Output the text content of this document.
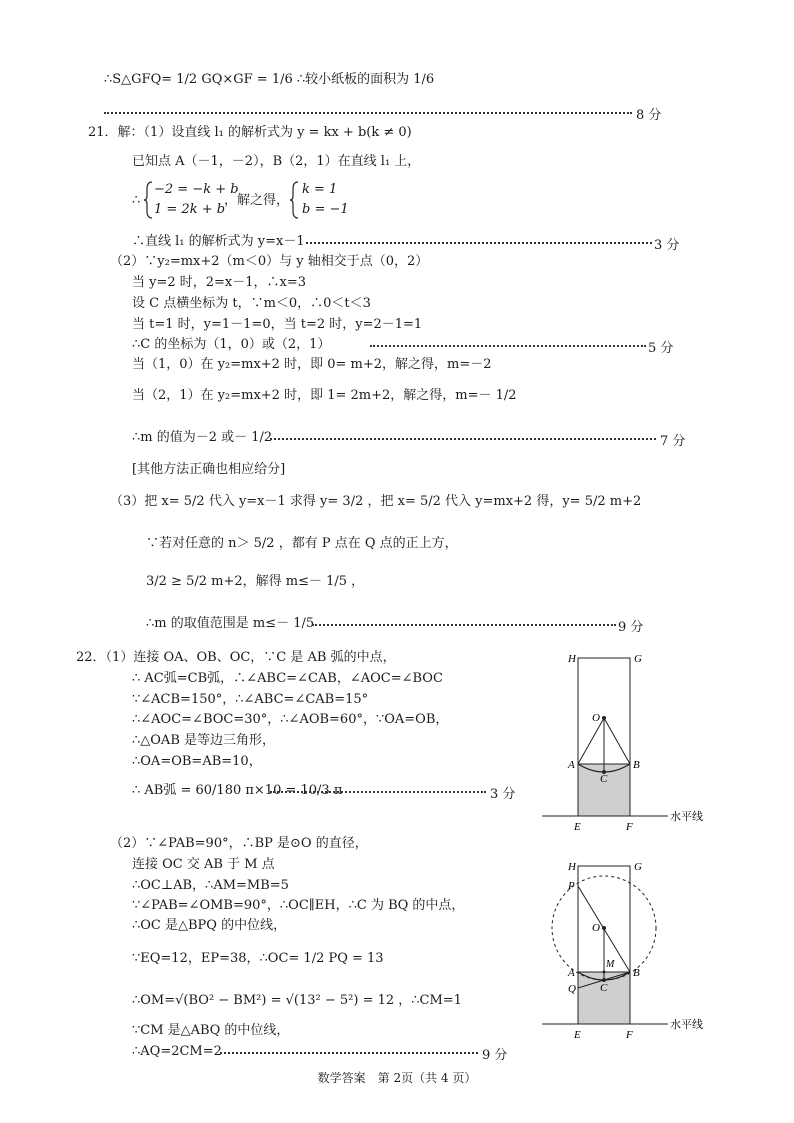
∴S△GFQ= 1/2 GQ×GF = 1/6 ∴较小纸板的面积为 1/6
8 分
21．解：（1）设直线 l₁ 的解析式为 y = kx + b(k ≠ 0)
已知点 A（－1，－2），B（2，1）在直线 l₁ 上，
∴
−2 = −k + b
1 = 2k + b
，解之得，
k = 1
b = −1
∴直线 l₁ 的解析式为 y=x－1	3 分
（2）∵y₂=mx+2（m＜0）与 y 轴相交于点（0，2）
当 y=2 时，2=x－1，∴x=3
设 C 点横坐标为 t，∵m＜0，∴0＜t＜3
当 t=1 时，y=1－1=0，当 t=2 时，y=2－1=1
∴C 的坐标为（1，0）或（2，1）	5 分
当（1，0）在 y₂=mx+2 时，即 0= m+2，解之得，m=－2
当（2，1）在 y₂=mx+2 时，即 1= 2m+2，解之得，m=－ 1/2
∴m 的值为－2 或－ 1/2	7 分
[其他方法正确也相应给分]
（3）把 x= 5/2 代入 y=x－1 求得 y= 3/2 ，把 x= 5/2 代入 y=mx+2 得，y= 5/2 m+2
∵若对任意的 n＞ 5/2 ，都有 P 点在 Q 点的正上方，
3/2 ≥ 5/2 m+2，解得 m≤－ 1/5 ，
∴m 的取值范围是 m≤－ 1/5	9 分
22．（1）连接 OA、OB、OC，∵C 是 AB 弧的中点，
∴ AC弧=CB弧，∴∠ABC=∠CAB，∠AOC=∠BOC
∵∠ACB=150°，∴∠ABC=∠CAB=15°
∴∠AOC=∠BOC=30°，∴∠AOB=60°，∵OA=OB，
∴△OAB 是等边三角形，
∴OA=OB=AB=10，
∴ AB弧 = 60/180 π×10 = 10/3 π	3 分
（2）∵∠PAB=90°，∴BP 是⊙O 的直径，
连接 OC 交 AB 于 M 点
∴OC⊥AB，∴AM=MB=5
∵∠PAB=∠OMB=90°，∴OC∥EH，∴C 为 BQ 的中点，
∴OC 是△BPQ 的中位线，
∵EQ=12，EP=38，∴OC= 1/2 PQ = 13
∴OM=√(BO² − BM²) = √(13² − 5²) = 12 ，∴CM=1
∵CM 是△ABQ 的中位线，
∴AQ=2CM=2	9 分
H	G
O
A	B
C
E	F
水平线
H	G
P
O
M
A
Q
B
C
E	F
水平线
数学答案　第 2页（共 4 页）
